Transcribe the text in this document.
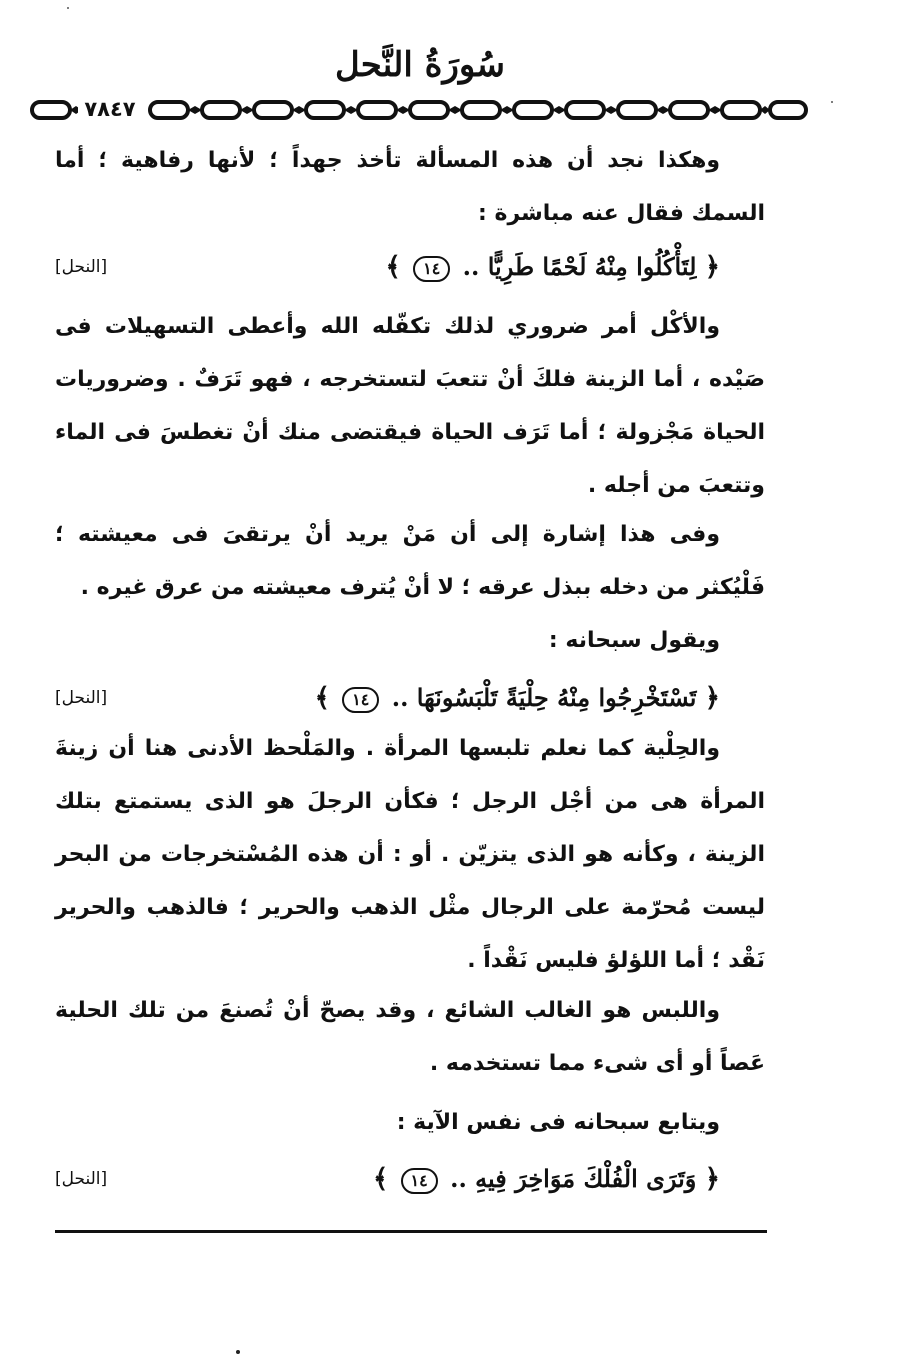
سُورَةُ النَّحل
٧٨٤٧

وهكذا نجد أن هذه المسألة تأخذ جهداً ؛ لأنها رفاهية ؛ أما السمك فقال عنه مباشرة :

﴿ لِتَأْكُلُوا مِنْهُ لَحْمًا طَرِيًّا .. ١٤ ﴾
[النحل]

والأكْل أمر ضروري لذلك تكفّله الله وأعطى التسهيلات فى صَيْده ، أما الزينة فلكَ أنْ تتعبَ لتستخرجه ، فهو تَرَفٌ . وضروريات الحياة مَجْزولة ؛ أما تَرَف الحياة فيقتضى منك أنْ تغطسَ فى الماء وتتعبَ من أجله .

وفى هذا إشارة إلى أن مَنْ يريد أنْ يرتقىَ فى معيشته ؛ فَلْيُكثر من دخله ببذل عرقه ؛ لا أنْ يُترف معيشته من عرق غيره .

ويقول سبحانه :

﴿ تَسْتَخْرِجُوا مِنْهُ حِلْيَةً تَلْبَسُونَهَا .. ١٤ ﴾
[النحل]

والحِلْية كما نعلم تلبسها المرأة . والمَلْحظ الأدنى هنا أن زينةَ المرأة هى من أجْل الرجل ؛ فكأن الرجلَ هو الذى يستمتع بتلك الزينة ، وكأنه هو الذى يتزيّن . أو : أن هذه المُسْتخرجات من البحر ليست مُحرّمة على الرجال مثْل الذهب والحرير ؛ فالذهب والحرير نَقْد ؛ أما اللؤلؤ فليس نَقْداً .

واللبس هو الغالب الشائع ، وقد يصحّ أنْ تُصنعَ من تلك الحلية عَصاً أو أى شىء مما تستخدمه .

ويتابع سبحانه فى نفس الآية :

﴿ وَتَرَى الْفُلْكَ مَوَاخِرَ فِيهِ .. ١٤ ﴾
[النحل]
